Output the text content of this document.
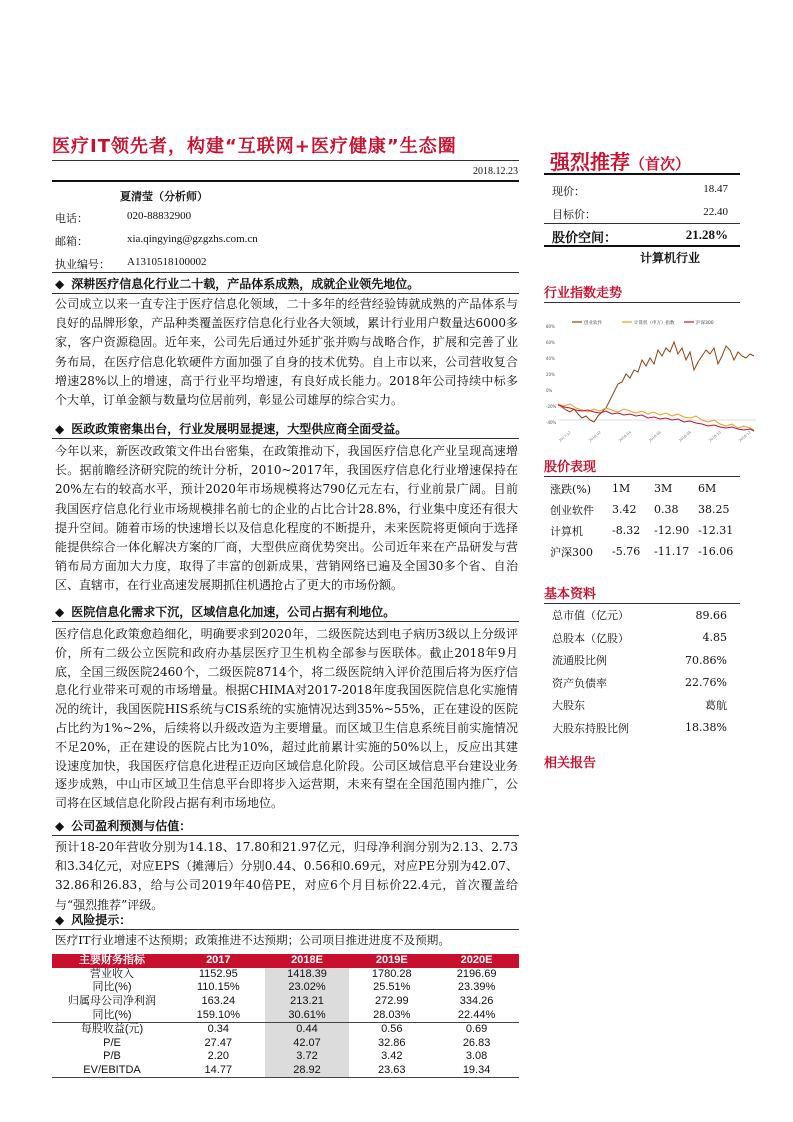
医疗IT领先者，构建“互联网+医疗健康”生态圈
强烈推荐（首次）
2018.12.23
夏清莹（分析师）
电话：	020-88832900
邮箱：	xia.qingying@gzgzhs.com.cn
执业编号： A1310518100002
现价：	18.47
目标价：	22.40
股价空间：	21.28%
计算机行业
◆ 深耕医疗信息化行业二十载，产品体系成熟，成就企业领先地位。
公司成立以来一直专注于医疗信息化领域，二十多年的经营经验铸就成熟的产品体系与良好的品牌形象，产品种类覆盖医疗信息化行业各大领域，累计行业用户数量达6000多家，客户资源稳固。近年来，公司先后通过外延扩张并购与战略合作，扩展和完善了业务布局，在医疗信息化软硬件方面加强了自身的技术优势。自上市以来，公司营收复合增速28%以上的增速，高于行业平均增速，有良好成长能力。2018年公司持续中标多个大单，订单金额与数量均位居前列，彰显公司雄厚的综合实力。
◆ 医政政策密集出台，行业发展明显提速，大型供应商全面受益。
今年以来，新医改政策文件出台密集，在政策推动下，我国医疗信息化产业呈现高速增长。据前瞻经济研究院的统计分析，2010~2017年，我国医疗信息化行业增速保持在20%左右的较高水平，预计2020年市场规模将达790亿元左右，行业前景广阔。目前我国医疗信息化行业市场规模排名前七的企业的占比合计28.8%，行业集中度还有很大提升空间。随着市场的快速增长以及信息化程度的不断提升，未来医院将更倾向于选择能提供综合一体化解决方案的厂商，大型供应商优势突出。公司近年来在产品研发与营销布局方面加大力度，取得了丰富的创新成果，营销网络已遍及全国30多个省、自治区、直辖市，在行业高速发展期抓住机遇抢占了更大的市场份额。
◆ 医院信息化需求下沉，区域信息化加速，公司占据有利地位。
医疗信息化政策愈趋细化，明确要求到2020年，二级医院达到电子病历3级以上分级评价，所有二级公立医院和政府办基层医疗卫生机构全部参与医联体。截止2018年9月底，全国三级医院2460个，二级医院8714个，将二级医院纳入评价范围后将为医疗信息化行业带来可观的市场增量。根据CHIMA对2017-2018年度我国医院信息化实施情况的统计，我国医院HIS系统与CIS系统的实施情况达到35%~55%，正在建设的医院占比约为1%~2%，后续将以升级改造为主要增量。而区域卫生信息系统目前实施情况不足20%，正在建设的医院占比为10%，超过此前累计实施的50%以上，反应出其建设速度加快，我国医疗信息化进程正迈向区域信息化阶段。公司区域信息平台建设业务逐步成熟，中山市区域卫生信息平台即将步入运营期，未来有望在全国范围内推广，公司将在区域信息化阶段占据有利市场地位。
◆ 公司盈利预测与估值：
预计18-20年营收分别为14.18、17.80和21.97亿元，归母净利润分别为2.13、2.73和3.34亿元，对应EPS（摊薄后）分别0.44、0.56和0.69元，对应PE分别为42.07、32.86和26.83，给与公司2019年40倍PE，对应6个月目标价22.4元，首次覆盖给与“强烈推荐”评级。
◆ 风险提示：
医疗IT行业增速不达预期；政策推进不达预期；公司项目推进进度不及预期。
主要财务指标	2017	2018E	2019E	2020E
营业收入	1152.95	1418.39	1780.28	2196.69
同比(%)	110.15%	23.02%	25.51%	23.39%
归属母公司净利润	163.24	213.21	272.99	334.26
同比(%)	159.10%	30.61%	28.03%	22.44%
每股收益(元)	0.34	0.44	0.56	0.69
P/E	27.47	42.07	32.86	26.83
P/B	2.20	3.72	3.42	3.08
EV/EBITDA	14.77	28.92	23.63	19.34
行业指数走势
80%
60%
40%
20%
0%
-20%
-40%
创业软件	计算机（申万）指数	沪深300
2017-12	2018-02	2018-04	2018-06	2018-08	2018-10	2018-12
股价表现
涨跌(%)	1M	3M	6M
创业软件	3.42	0.38	38.25
计算机	-8.32	-12.90	-12.31
沪深300	-5.76	-11.17	-16.06
基本资料
总市值（亿元）	89.66
总股本（亿股）	4.85
流通股比例	70.86%
资产负债率	22.76%
大股东	葛航
大股东持股比例	18.38%
相关报告
